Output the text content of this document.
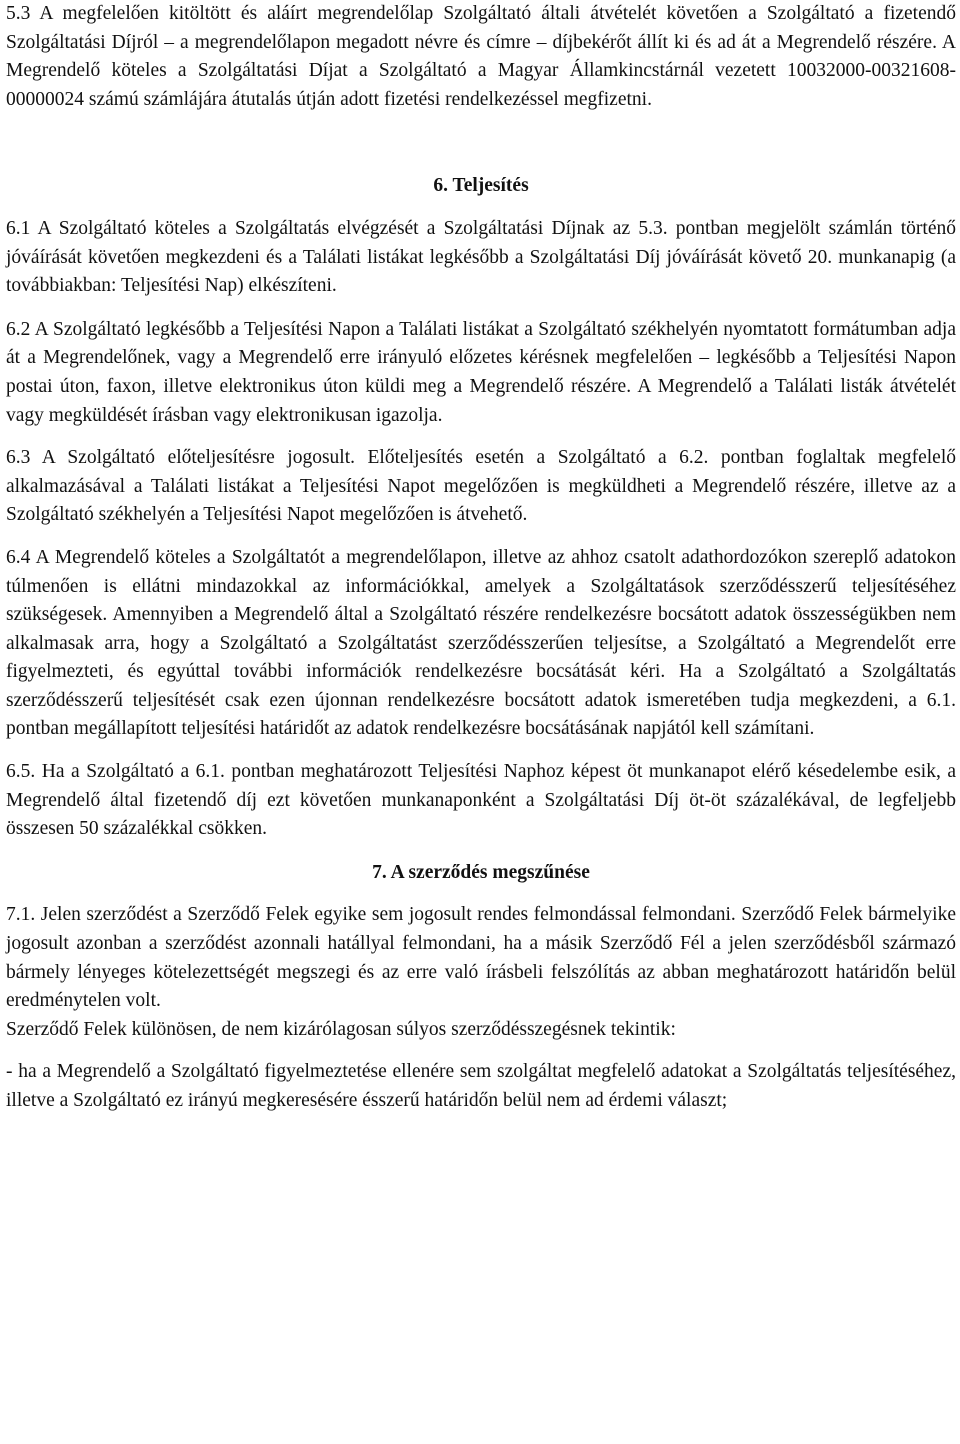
5.3 A megfelelően kitöltött és aláírt megrendelőlap Szolgáltató általi átvételét követően a Szolgáltató a fizetendő Szolgáltatási Díjról – a megrendelőlapon megadott névre és címre – díjbekérőt állít ki és ad át a Megrendelő részére. A Megrendelő köteles a Szolgáltatási Díjat a Szolgáltató a Magyar Államkincstárnál vezetett 10032000-00321608-00000024 számú számlájára átutalás útján adott fizetési rendelkezéssel megfizetni.

6. Teljesítés

6.1 A Szolgáltató köteles a Szolgáltatás elvégzését a Szolgáltatási Díjnak az 5.3. pontban megjelölt számlán történő jóváírását követően megkezdeni és a Találati listákat legkésőbb a Szolgáltatási Díj jóváírását követő 20. munkanapig (a továbbiakban: Teljesítési Nap) elkészíteni.

6.2 A Szolgáltató legkésőbb a Teljesítési Napon a Találati listákat a Szolgáltató székhelyén nyomtatott formátumban adja át a Megrendelőnek, vagy a Megrendelő erre irányuló előzetes kérésnek megfelelően – legkésőbb a Teljesítési Napon postai úton, faxon, illetve elektronikus úton küldi meg a Megrendelő részére. A Megrendelő a Találati listák átvételét vagy megküldését írásban vagy elektronikusan igazolja.

6.3 A Szolgáltató előteljesítésre jogosult. Előteljesítés esetén a Szolgáltató a 6.2. pontban foglaltak megfelelő alkalmazásával a Találati listákat a Teljesítési Napot megelőzően is megküldheti a Megrendelő részére, illetve az a Szolgáltató székhelyén a Teljesítési Napot megelőzően is átvehető.

6.4 A Megrendelő köteles a Szolgáltatót a megrendelőlapon, illetve az ahhoz csatolt adathordozókon szereplő adatokon túlmenően is ellátni mindazokkal az információkkal, amelyek a Szolgáltatások szerződésszerű teljesítéséhez szükségesek. Amennyiben a Megrendelő által a Szolgáltató részére rendelkezésre bocsátott adatok összességükben nem alkalmasak arra, hogy a Szolgáltató a Szolgáltatást szerződésszerűen teljesítse, a Szolgáltató a Megrendelőt erre figyelmezteti, és egyúttal további információk rendelkezésre bocsátását kéri. Ha a Szolgáltató a Szolgáltatás szerződésszerű teljesítését csak ezen újonnan rendelkezésre bocsátott adatok ismeretében tudja megkezdeni, a 6.1. pontban megállapított teljesítési határidőt az adatok rendelkezésre bocsátásának napjától kell számítani.

6.5. Ha a Szolgáltató a 6.1. pontban meghatározott Teljesítési Naphoz képest öt munkanapot elérő késedelembe esik, a Megrendelő által fizetendő díj ezt követően munkanaponként a Szolgáltatási Díj öt-öt százalékával, de legfeljebb összesen 50 százalékkal csökken.

7. A szerződés megszűnése

7.1. Jelen szerződést a Szerződő Felek egyike sem jogosult rendes felmondással felmondani. Szerződő Felek bármelyike jogosult azonban a szerződést azonnali hatállyal felmondani, ha a másik Szerződő Fél a jelen szerződésből származó bármely lényeges kötelezettségét megszegi és az erre való írásbeli felszólítás az abban meghatározott határidőn belül eredménytelen volt.

Szerződő Felek különösen, de nem kizárólagosan súlyos szerződésszegésnek tekintik:

- ha a Megrendelő a Szolgáltató figyelmeztetése ellenére sem szolgáltat megfelelő adatokat a Szolgáltatás teljesítéséhez, illetve a Szolgáltató ez irányú megkeresésére ésszerű határidőn belül nem ad érdemi választ;
